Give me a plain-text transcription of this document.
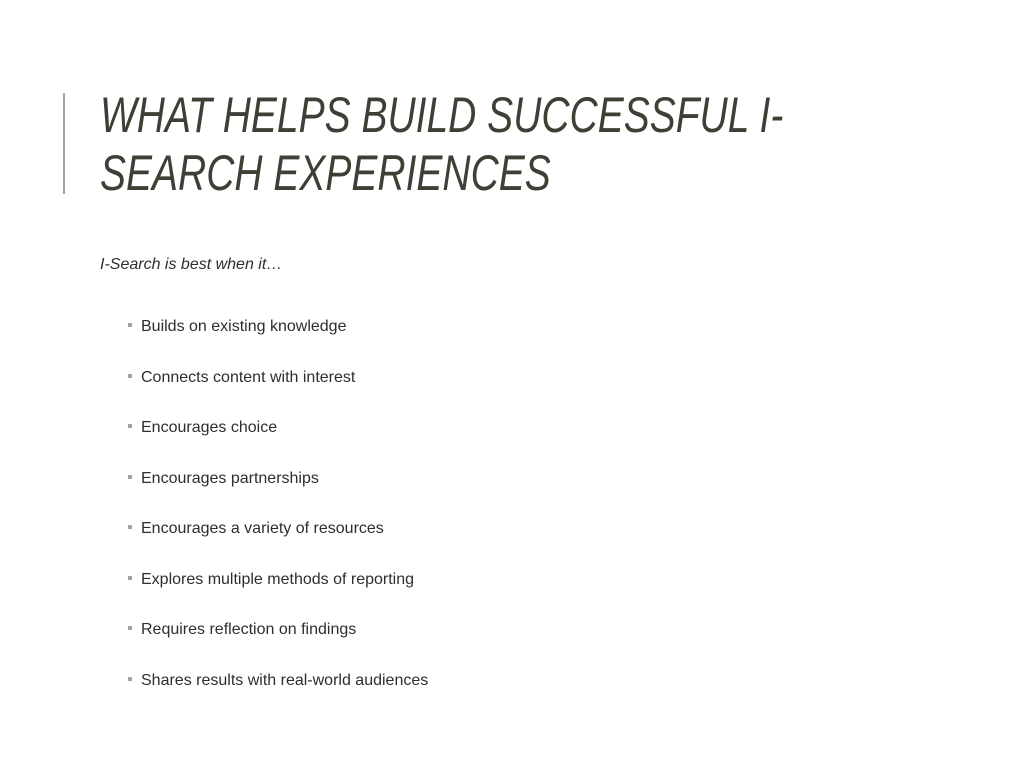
WHAT HELPS BUILD SUCCESSFUL I-
SEARCH EXPERIENCES

I-Search is best when it…

Builds on existing knowledge
Connects content with interest
Encourages choice
Encourages partnerships
Encourages a variety of resources
Explores multiple methods of reporting
Requires reflection on findings
Shares results with real-world audiences
